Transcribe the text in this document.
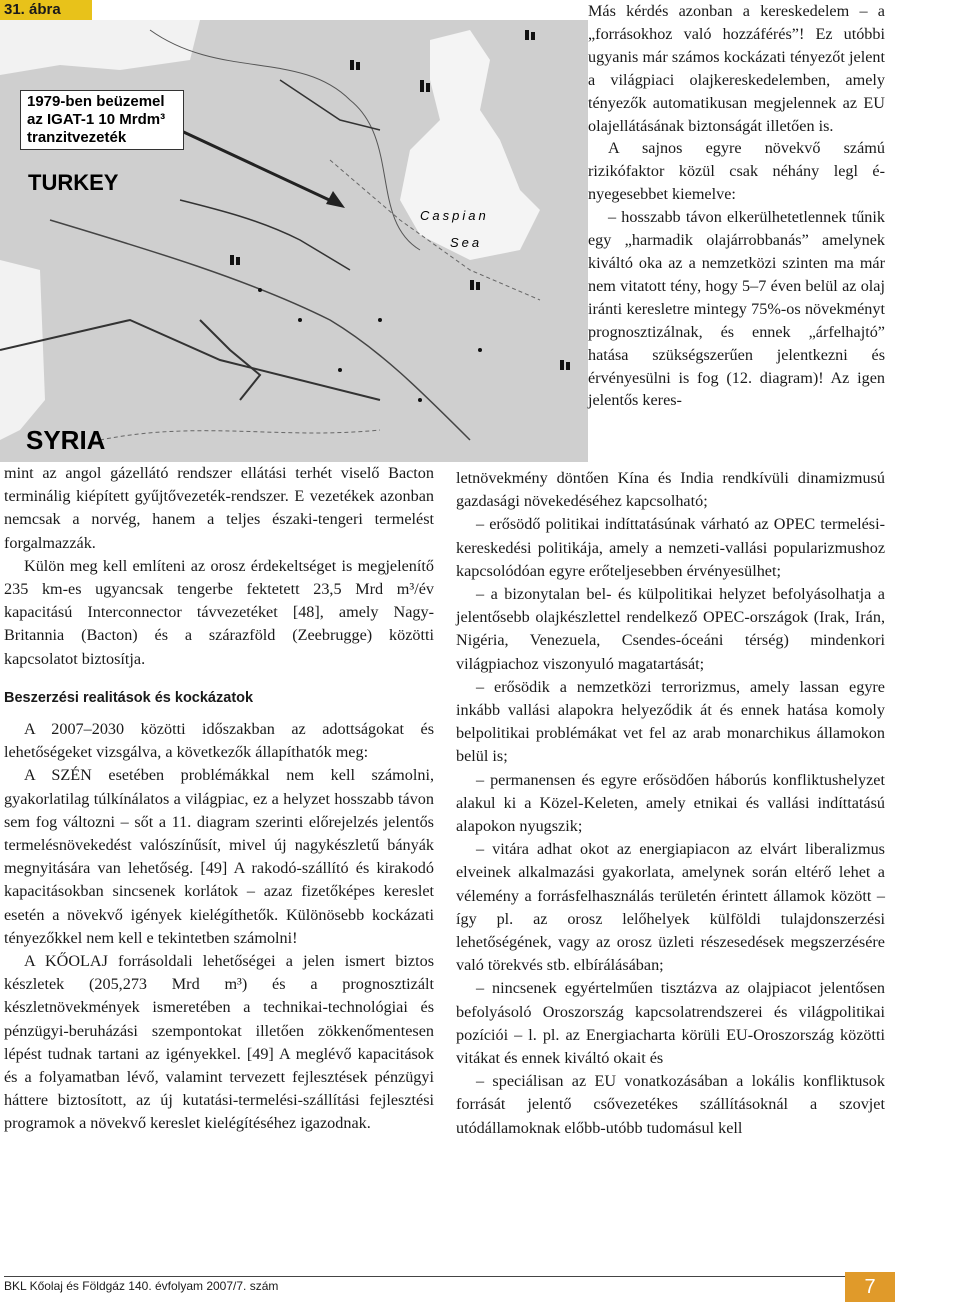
31. ábra
1979-ben beüzemel
az IGAT-1 10 Mrdm³
tranzitvezeték
TURKEY
SYRIA
Caspian
Sea

Más kérdés azonban a kereskedelem – a „forrásokhoz való hozzáférés”! Ez utóbbi ugyanis már számos kockázati tényezőt jelent a világpiaci olajkereskedelemben, amely tényezők automatikusan megjelennek az EU olajellátásának biztonságát illetően is.

A sajnos egyre növekvő számú rizikófaktor közül csak néhány legl é-nyegesebbet kiemelve:

– hosszabb távon elkerülhetetlennek tűnik egy „harmadik olajárrobbanás” amelynek kiváltó oka az a nemzetközi szinten ma már nem vitatott tény, hogy 5–7 éven belül az olaj iránti keresletre mintegy 75%-os növekményt prognosztizálnak, és ennek „árfelhajtó” hatása szükségszerűen jelentkezni és érvényesülni is fog (12. diagram)! Az igen jelentős keres-

mint az angol gázellátó rendszer ellátási terhét viselő Bacton terminálig kiépített gyűjtővezeték-rendszer. E vezetékek azonban nemcsak a norvég, hanem a teljes északi-tengeri termelést forgalmazzák.

Külön meg kell említeni az orosz érdekeltséget is megjelenítő 235 km-es ugyancsak tengerbe fektetett 23,5 Mrd m³/év kapacitású Interconnector távvezetéket [48], amely Nagy-Britannia (Bacton) és a szárazföld (Zeebrugge) közötti kapcsolatot biztosítja.

Beszerzési realitások és kockázatok

A 2007–2030 közötti időszakban az adottságokat és lehetőségeket vizsgálva, a következők állapíthatók meg:

A SZÉN esetében problémákkal nem kell számolni, gyakorlatilag túlkínálatos a világpiac, ez a helyzet hosszabb távon sem fog változni – sőt a 11. diagram szerinti előrejelzés jelentős termelésnövekedést valószínűsít, mivel új nagykészletű bányák megnyitására van lehetőség. [49] A rakodó-szállító és kirakodó kapacitásokban sincsenek korlátok – azaz fizetőképes kereslet esetén a növekvő igények kielégíthetők. Különösebb kockázati tényezőkkel nem kell e tekintetben számolni!

A KŐOLAJ forrásoldali lehetőségei a jelen ismert biztos készletek (205,273 Mrd m³) és a prognosztizált készletnövekmények ismeretében a technikai-technológiai és pénzügyi-beruházási szempontokat illetően zökkenőmentesen lépést tudnak tartani az igényekkel. [49] A meglévő kapacitások és a folyamatban lévő, valamint tervezett fejlesztések pénzügyi háttere biztosított, az új kutatási-termelési-szállítási fejlesztési programok a növekvő kereslet kielégítéséhez igazodnak.

letnövekmény döntően Kína és India rendkívüli dinamizmusú gazdasági növekedéséhez kapcsolható;

– erősödő politikai indíttatásúnak várható az OPEC termelési-kereskedési politikája, amely a nemzeti-vallási popularizmushoz kapcsolódóan egyre erőteljesebben érvényesülhet;

– a bizonytalan bel- és külpolitikai helyzet befolyásolhatja a jelentősebb olajkészlettel rendelkező OPEC-országok (Irak, Irán, Nigéria, Venezuela, Csendes-óceáni térség) mindenkori világpiachoz viszonyuló magatartását;

– erősödik a nemzetközi terrorizmus, amely lassan egyre inkább vallási alapokra helyeződik át és ennek hatása komoly belpolitikai problémákat vet fel az arab monarchikus államokon belül is;

– permanensen és egyre erősödően háborús konfliktushelyzet alakul ki a Közel-Keleten, amely etnikai és vallási indíttatású alapokon nyugszik;

– vitára adhat okot az energiapiacon az elvárt liberalizmus elveinek alkalmazási gyakorlata, amelynek során eltérő lehet a vélemény a forrásfelhasználás területén érintett államok között – így pl. az orosz lelőhelyek külföldi tulajdonszerzési lehetőségének, vagy az orosz üzleti részesedések megszerzésére való törekvés stb. elbírálásában;

– nincsenek egyértelműen tisztázva az olajpiacot jelentősen befolyásoló Oroszország kapcsolatrendszerei és világpolitikai pozíciói – l. pl. az Energiacharta körüli EU-Oroszország közötti vitákat és ennek kiváltó okait és

– speciálisan az EU vonatkozásában a lokális konfliktusok forrását jelentő csővezetékes szállításoknál a szovjet utódállamoknak előbb-utóbb tudomásul kell

BKL Kőolaj és Földgáz 140. évfolyam 2007/7. szám	7
